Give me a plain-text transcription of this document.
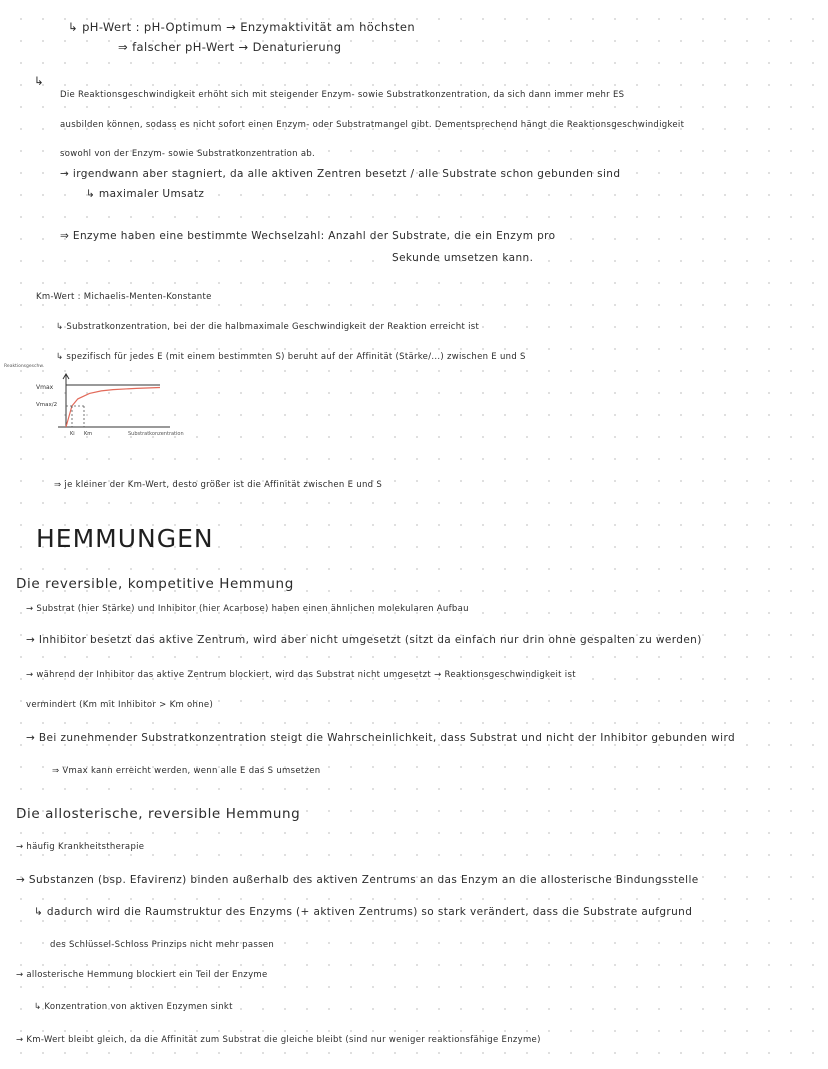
↳ pH-Wert : pH-Optimum → Enzymaktivität am höchsten
⇒ falscher pH-Wert → Denaturierung
↳
Die Reaktionsgeschwindigkeit erhöht sich mit steigender Enzym- sowie Substratkonzentration, da sich dann immer mehr ES
ausbilden können, sodass es nicht sofort einen Enzym- oder Substratmangel gibt. Dementsprechend hängt die Reaktionsgeschwindigkeit
sowohl von der Enzym- sowie Substratkonzentration ab.
→ irgendwann aber stagniert, da alle aktiven Zentren besetzt / alle Substrate schon gebunden sind
↳ maximaler Umsatz
⇒ Enzyme haben eine bestimmte Wechselzahl: Anzahl der Substrate, die ein Enzym pro
Sekunde umsetzen kann.
Km-Wert : Michaelis-Menten-Konstante
↳ Substratkonzentration, bei der die halbmaximale Geschwindigkeit der Reaktion erreicht ist
↳ spezifisch für jedes E (mit einem bestimmten S) beruht auf der Affinität (Stärke/...) zwischen E und S
Reaktionsgeschw.
Vmax
Vmax/2
Ki Km	Substratkonzentration
⇒ je kleiner der Km-Wert, desto größer ist die Affinität zwischen E und S
HEMMUNGEN
Die reversible, kompetitive Hemmung
→ Substrat (hier Stärke) und Inhibitor (hier Acarbose) haben einen ähnlichen molekularen Aufbau
→ Inhibitor besetzt das aktive Zentrum, wird aber nicht umgesetzt (sitzt da einfach nur drin ohne gespalten zu werden)
→ während der Inhibitor das aktive Zentrum blockiert, wird das Substrat nicht umgesetzt → Reaktionsgeschwindigkeit ist
vermindert (Km mit Inhibitor > Km ohne)
→ Bei zunehmender Substratkonzentration steigt die Wahrscheinlichkeit, dass Substrat und nicht der Inhibitor gebunden wird
⇒ Vmax kann erreicht werden, wenn alle E das S umsetzen
Die allosterische, reversible Hemmung
→ häufig Krankheitstherapie
→ Substanzen (bsp. Efavirenz) binden außerhalb des aktiven Zentrums an das Enzym an die allosterische Bindungsstelle
↳ dadurch wird die Raumstruktur des Enzyms (+ aktiven Zentrums) so stark verändert, dass die Substrate aufgrund
des Schlüssel-Schloss Prinzips nicht mehr passen
→ allosterische Hemmung blockiert ein Teil der Enzyme
↳ Konzentration von aktiven Enzymen sinkt
→ Km-Wert bleibt gleich, da die Affinität zum Substrat die gleiche bleibt (sind nur weniger reaktionsfähige Enzyme)
